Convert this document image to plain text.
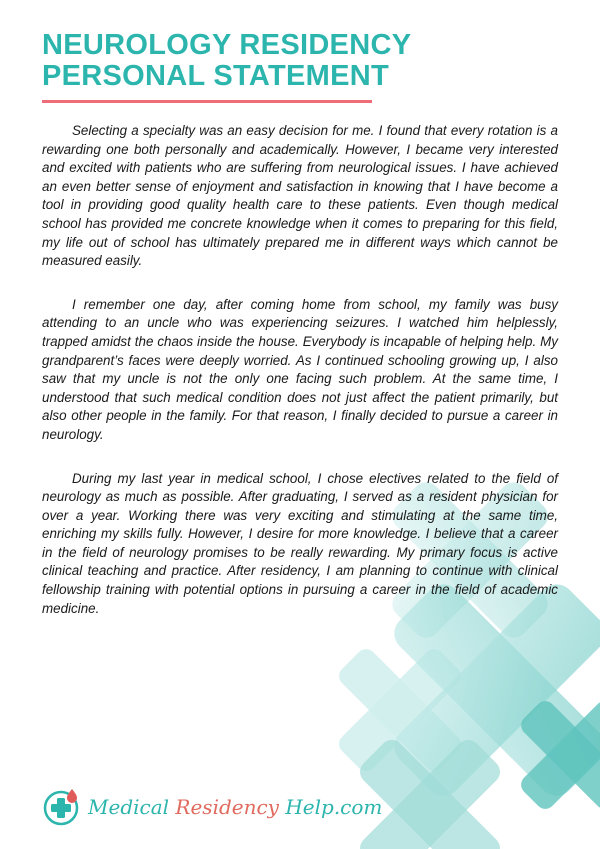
NEUROLOGY RESIDENCY
PERSONAL STATEMENT

Selecting a specialty was an easy decision for me. I found that every rotation is a rewarding one both personally and academically. However, I became very interested and excited with patients who are suffering from neurological issues. I have achieved an even better sense of enjoyment and satisfaction in knowing that I have become a tool in providing good quality health care to these patients. Even though medical school has provided me concrete knowledge when it comes to preparing for this field, my life out of school has ultimately prepared me in different ways which cannot be measured easily.

I remember one day, after coming home from school, my family was busy attending to an uncle who was experiencing seizures. I watched him helplessly, trapped amidst the chaos inside the house. Everybody is incapable of helping help. My grandparent’s faces were deeply worried. As I continued schooling growing up, I also saw that my uncle is not the only one facing such problem. At the same time, I understood that such medical condition does not just affect the patient primarily, but also other people in the family. For that reason, I finally decided to pursue a career in neurology.

During my last year in medical school, I chose electives related to the field of neurology as much as possible. After graduating, I served as a resident physician for over a year. Working there was very exciting and stimulating at the same time, enriching my skills fully. However, I desire for more knowledge. I believe that a career in the field of neurology promises to be really rewarding. My primary focus is active clinical teaching and practice. After residency, I am planning to continue with clinical fellowship training with potential options in pursuing a career in the field of academic medicine.

Medical Residency Help.com
